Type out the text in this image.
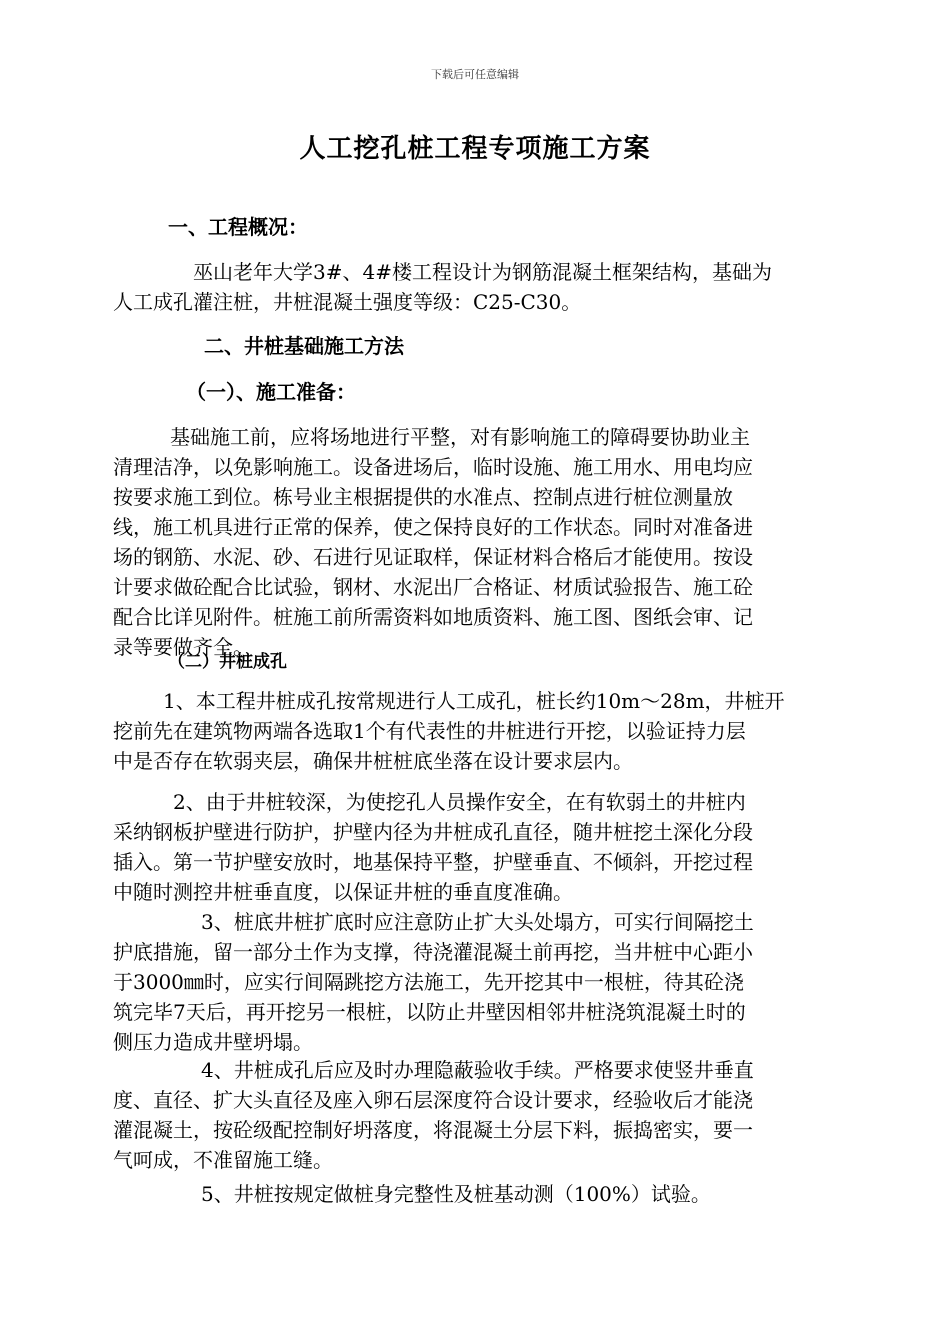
下载后可任意编辑
人工挖孔桩工程专项施工方案
一、工程概况：
巫山老年大学3#、4#楼工程设计为钢筋混凝土框架结构，基础为
人工成孔灌注桩，井桩混凝土强度等级：C25-C30。
二、井桩基础施工方法
（一）、施工准备：
基础施工前，应将场地进行平整，对有影响施工的障碍要协助业主
清理洁净，以免影响施工。设备进场后，临时设施、施工用水、用电均应
按要求施工到位。栋号业主根据提供的水准点、控制点进行桩位测量放
线，施工机具进行正常的保养，使之保持良好的工作状态。同时对准备进
场的钢筋、水泥、砂、石进行见证取样，保证材料合格后才能使用。按设
计要求做砼配合比试验，钢材、水泥出厂合格证、材质试验报告、施工砼
配合比详见附件。桩施工前所需资料如地质资料、施工图、图纸会审、记
录等要做齐全。
（二）井桩成孔
1、本工程井桩成孔按常规进行人工成孔，桩长约10m～28m，井桩开
挖前先在建筑物两端各选取1个有代表性的井桩进行开挖，以验证持力层
中是否存在软弱夹层，确保井桩桩底坐落在设计要求层内。
2、由于井桩较深，为使挖孔人员操作安全，在有软弱土的井桩内
采纳钢板护壁进行防护，护壁内径为井桩成孔直径，随井桩挖土深化分段
插入。第一节护壁安放时，地基保持平整，护壁垂直、不倾斜，开挖过程
中随时测控井桩垂直度，以保证井桩的垂直度准确。
3、桩底井桩扩底时应注意防止扩大头处塌方，可实行间隔挖土
护底措施，留一部分土作为支撑，待浇灌混凝土前再挖，当井桩中心距小
于3000㎜时，应实行间隔跳挖方法施工，先开挖其中一根桩，待其砼浇
筑完毕7天后，再开挖另一根桩，以防止井壁因相邻井桩浇筑混凝土时的
侧压力造成井壁坍塌。
4、井桩成孔后应及时办理隐蔽验收手续。严格要求使竖井垂直
度、直径、扩大头直径及座入卵石层深度符合设计要求，经验收后才能浇
灌混凝土，按砼级配控制好坍落度，将混凝土分层下料，振捣密实，要一
气呵成，不准留施工缝。
5、井桩按规定做桩身完整性及桩基动测（100%）试验。
